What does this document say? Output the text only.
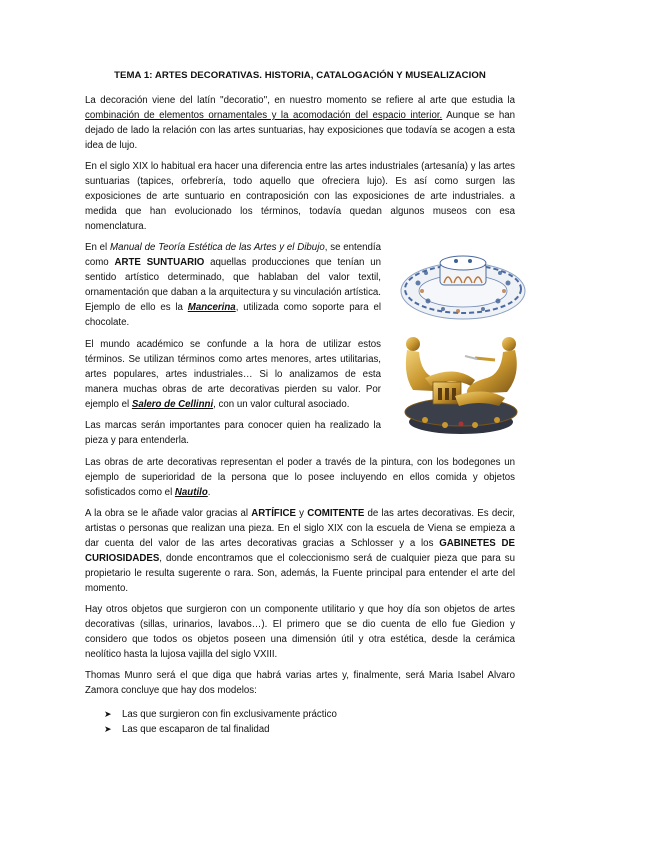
TEMA 1: ARTES DECORATIVAS. HISTORIA, CATALOGACIÓN Y MUSEALIZACION

La decoración viene del latín ''decoratio'', en nuestro momento se refiere al arte que estudia la combinación de elementos ornamentales y la acomodación del espacio interior. Aunque se han dejado de lado la relación con las artes suntuarias, hay exposiciones que todavía se acogen a esta idea de lujo.

En el siglo XIX lo habitual era hacer una diferencia entre las artes industriales (artesanía) y las artes suntuarias (tapices, orfebrería, todo aquello que ofreciera lujo). Es así como surgen las exposiciones de arte suntuario en contraposición con las exposiciones de arte industriales. a medida que han evolucionado los términos, todavía quedan algunos museos con esa nomenclatura.

En el Manual de Teoría Estética de las Artes y el Dibujo, se entendía como ARTE SUNTUARIO aquellas producciones que tenían un sentido artístico determinado, que hablaban del valor textil, ornamentación que daban a la arquitectura y su vinculación artística. Ejemplo de ello es la Mancerina, utilizada como soporte para el chocolate.

El mundo académico se confunde a la hora de utilizar estos términos. Se utilizan términos como artes menores, artes utilitarias, artes populares, artes industriales… Si lo analizamos de esta manera muchas obras de arte decorativas pierden su valor. Por ejemplo el Salero de Cellinni, con un valor cultural asociado.

Las marcas serán importantes para conocer quien ha realizado la pieza y para entenderla.

Las obras de arte decorativas representan el poder a través de la pintura, con los bodegones un ejemplo de superioridad de la persona que lo posee incluyendo en ellos comida y objetos sofisticados como el Nautilo.

A la obra se le añade valor gracias al ARTÍFICE y COMITENTE de las artes decorativas. Es decir, artistas o personas que realizan una pieza. En el siglo XIX con la escuela de Viena se empieza a dar cuenta del valor de las artes decorativas gracias a Schlosser y a los GABINETES DE CURIOSIDADES, donde encontramos que el coleccionismo será de cualquier pieza que para su propietario le resulta sugerente o rara. Son, además, la Fuente principal para entender el arte del momento.

Hay otros objetos que surgieron con un componente utilitario y que hoy día son objetos de artes decorativas (sillas, urinarios, lavabos…). El primero que se dio cuenta de ello fue Giedion y considero que todos os objetos poseen una dimensión útil y otra estética, desde la cerámica neolítico hasta la lujosa vajilla del siglo VXIII.

Thomas Munro será el que diga que habrá varias artes y, finalmente, será Maria Isabel Alvaro Zamora concluye que hay dos modelos:

➤ Las que surgieron con fin exclusivamente práctico
➤ Las que escaparon de tal finalidad
